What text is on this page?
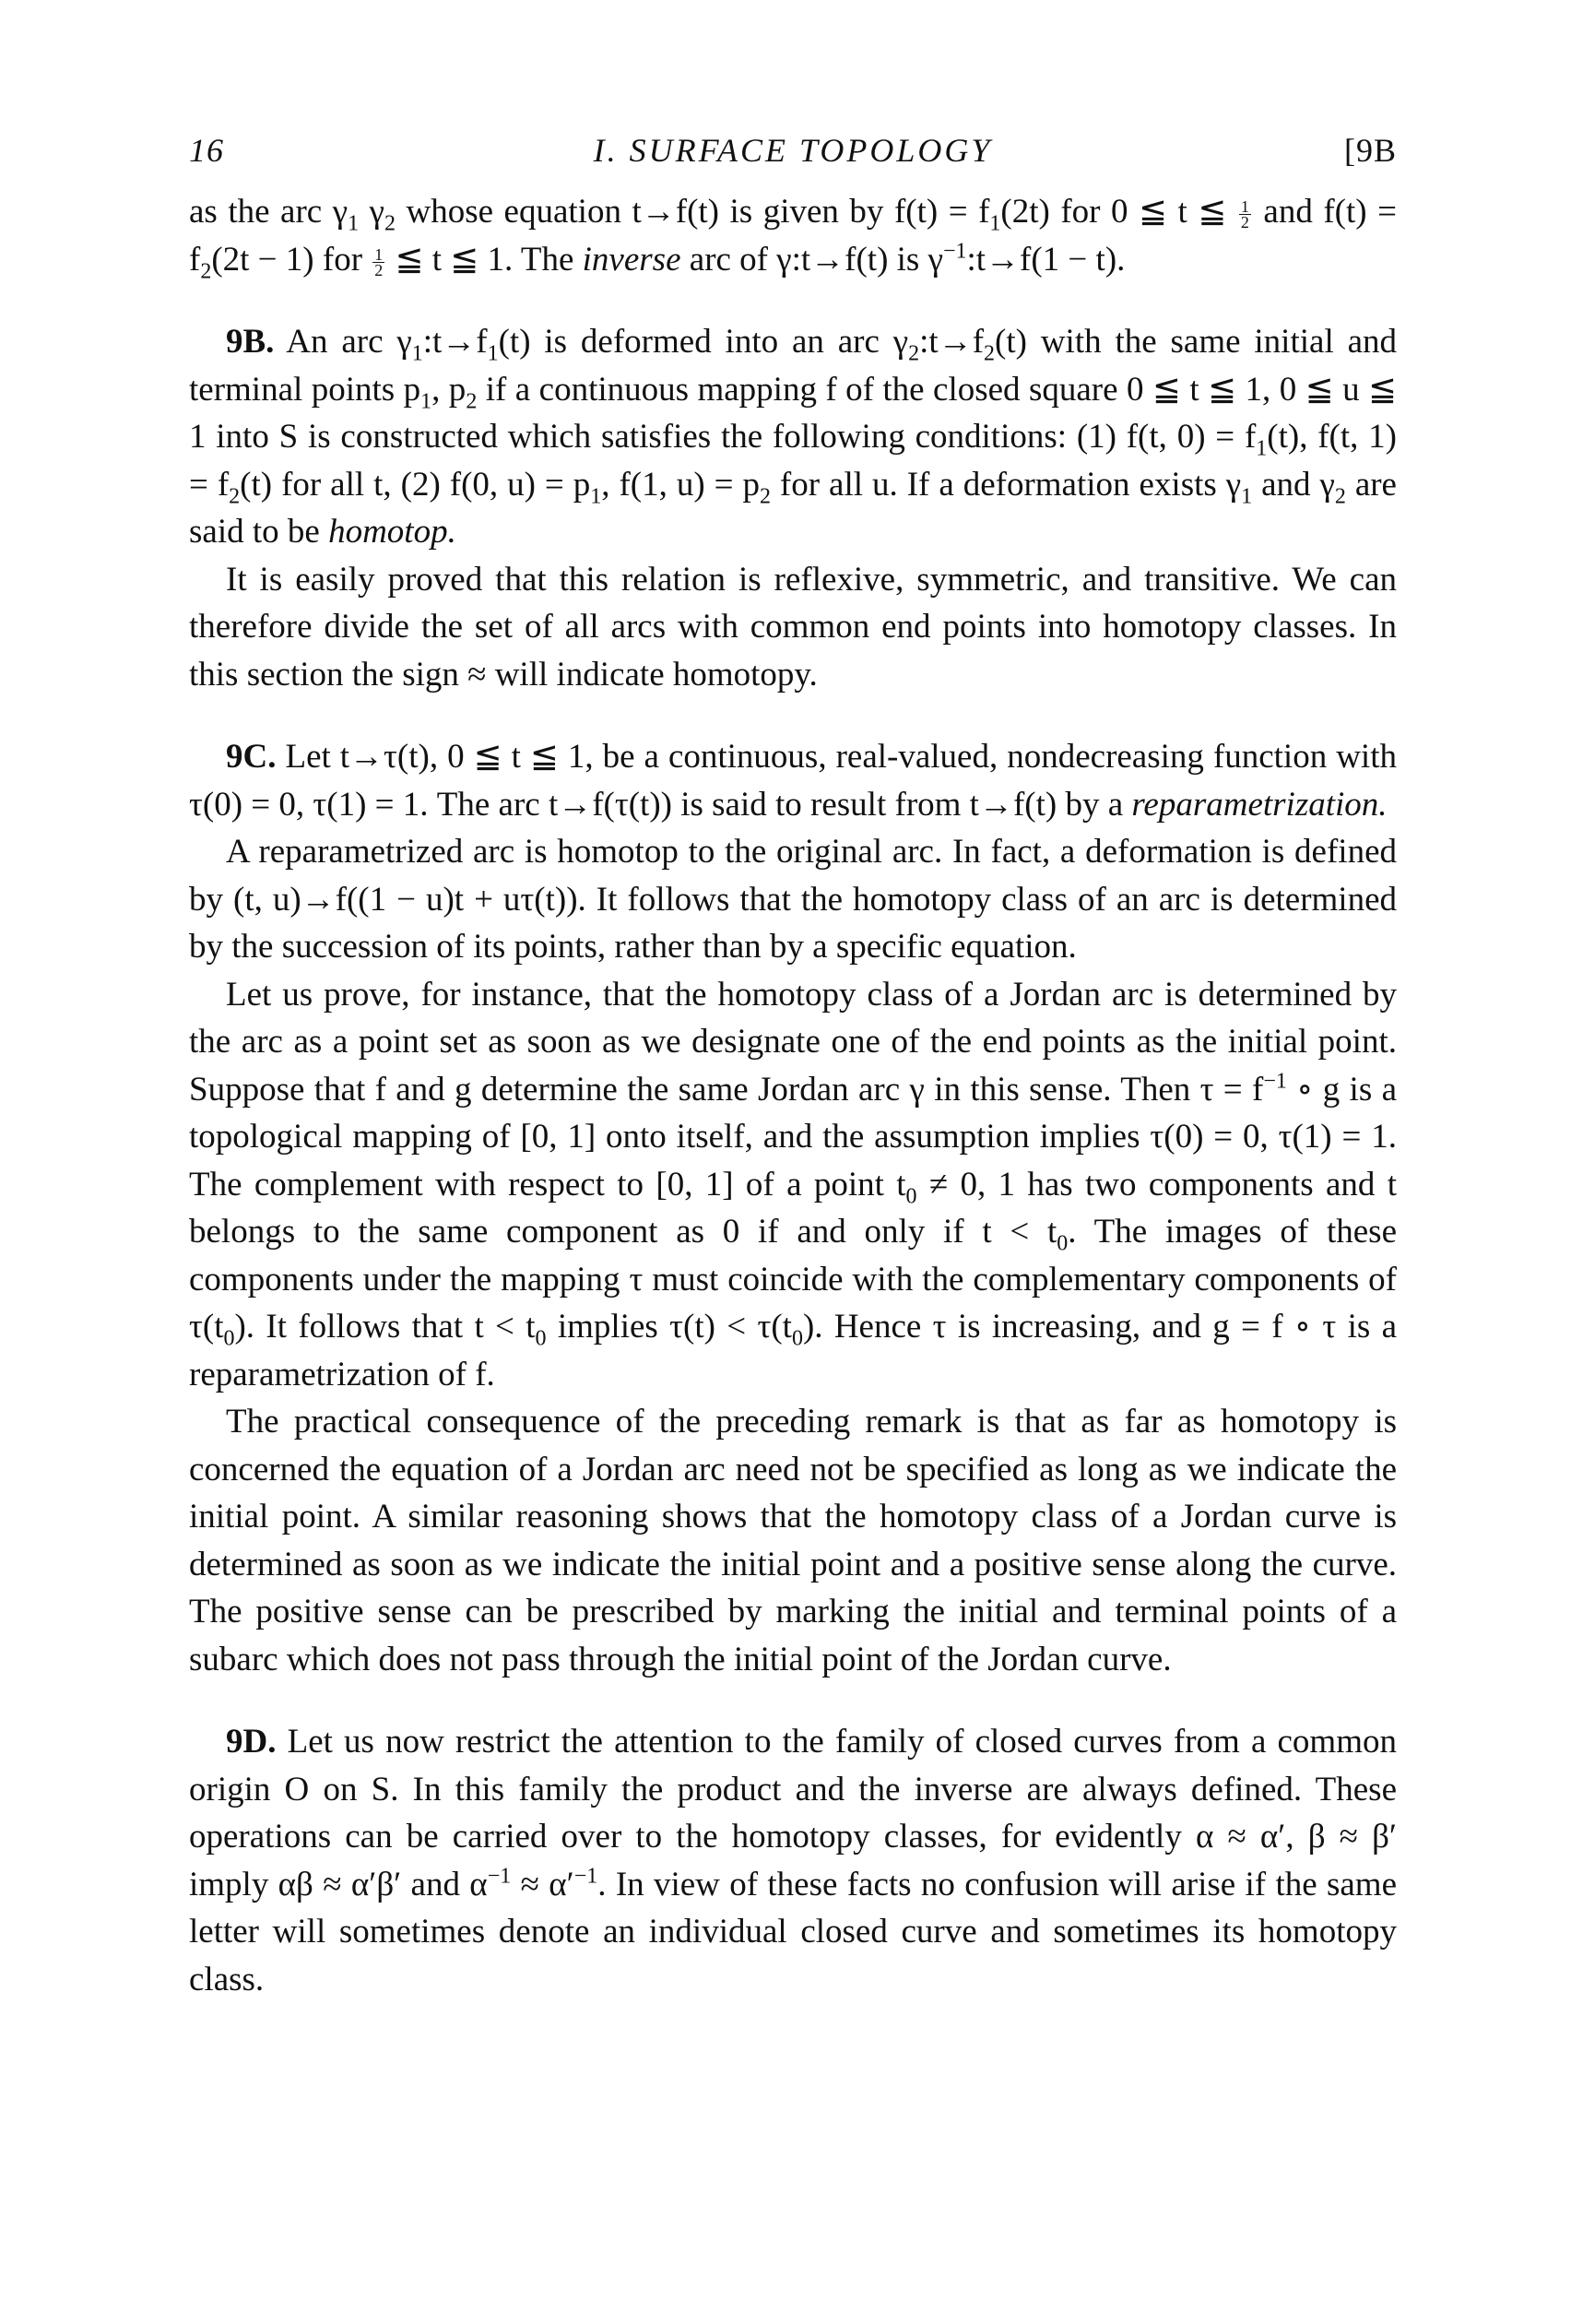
16	I. SURFACE TOPOLOGY	[9B

as the arc $\gamma_1$ $\gamma_2$ whose equation t→f(t) is given by $f(t) = f_1(2t)$ for 0 ≦ t ≦ $\frac{1}{2}$ and $f(t) = f_2(2t - 1)$ for $\frac{1}{2}$ ≦ t ≦ 1. The inverse arc of γ:t→f(t) is $\gamma^{-1}:t\to f(1 - t)$.

9B. An arc $\gamma_1:t\to f_1(t)$ is deformed into an arc $\gamma_2:t\to f_2(t)$ with the same initial and terminal points $p_1$, $p_2$ if a continuous mapping f of the closed square 0 ≦ t ≦ 1, 0 ≦ u ≦ 1 into S is constructed which satisfies the following conditions: (1) f(t, $0) = f_1(t)$, f(t, $1) = f_2(t)$ for all t, (2) f(0, $u) = p_1$, f(1, $u) = p_2$ for all u. If a deformation exists $\gamma_1$ and $\gamma_2$ are said to be homotop.

It is easily proved that this relation is reflexive, symmetric, and transitive. We can therefore divide the set of all arcs with common end points into homotopy classes. In this section the sign ≈ will indicate homotopy.

9C. Let t→τ(t), 0 ≦ t ≦ 1, be a continuous, real-valued, nondecreasing function with τ(0) = 0, τ(1) = 1. The arc t→f(τ(t)) is said to result from t→f(t) by a reparametrization.

A reparametrized arc is homotop to the original arc. In fact, a deformation is defined by (t, u)→f((1 − u)t + uτ(t)). It follows that the homotopy class of an arc is determined by the succession of its points, rather than by a specific equation.

Let us prove, for instance, that the homotopy class of a Jordan arc is determined by the arc as a point set as soon as we designate one of the end points as the initial point. Suppose that f and g determine the same Jordan arc γ in this sense. Then $\tau = f^{-1}$ ∘ g is a topological mapping of [0, 1] onto itself, and the assumption implies τ(0) = 0, τ(1) = 1. The complement with respect to [0, 1] of a point $t_0 \ne 0$, 1 has two components and t belongs to the same component as 0 if and only if $t < t_0$. The images of these components under the mapping τ must coincide with the complementary components of $\tau(t_0)$. It follows that $t < t_0$ implies $\tau(t) < \tau(t_0)$. Hence τ is increasing, and g = f ∘ τ is a reparametrization of f.

The practical consequence of the preceding remark is that as far as homotopy is concerned the equation of a Jordan arc need not be specified as long as we indicate the initial point. A similar reasoning shows that the homotopy class of a Jordan curve is determined as soon as we indicate the initial point and a positive sense along the curve. The positive sense can be prescribed by marking the initial and terminal points of a subarc which does not pass through the initial point of the Jordan curve.

9D. Let us now restrict the attention to the family of closed curves from a common origin O on S. In this family the product and the inverse are always defined. These operations can be carried over to the homotopy classes, for evidently α ≈ α′, β ≈ β′ imply αβ ≈ α′β′ and $\alpha^{-1} \approx \alpha'^{-1}$. In view of these facts no confusion will arise if the same letter will sometimes denote an individual closed curve and sometimes its homotopy class.
